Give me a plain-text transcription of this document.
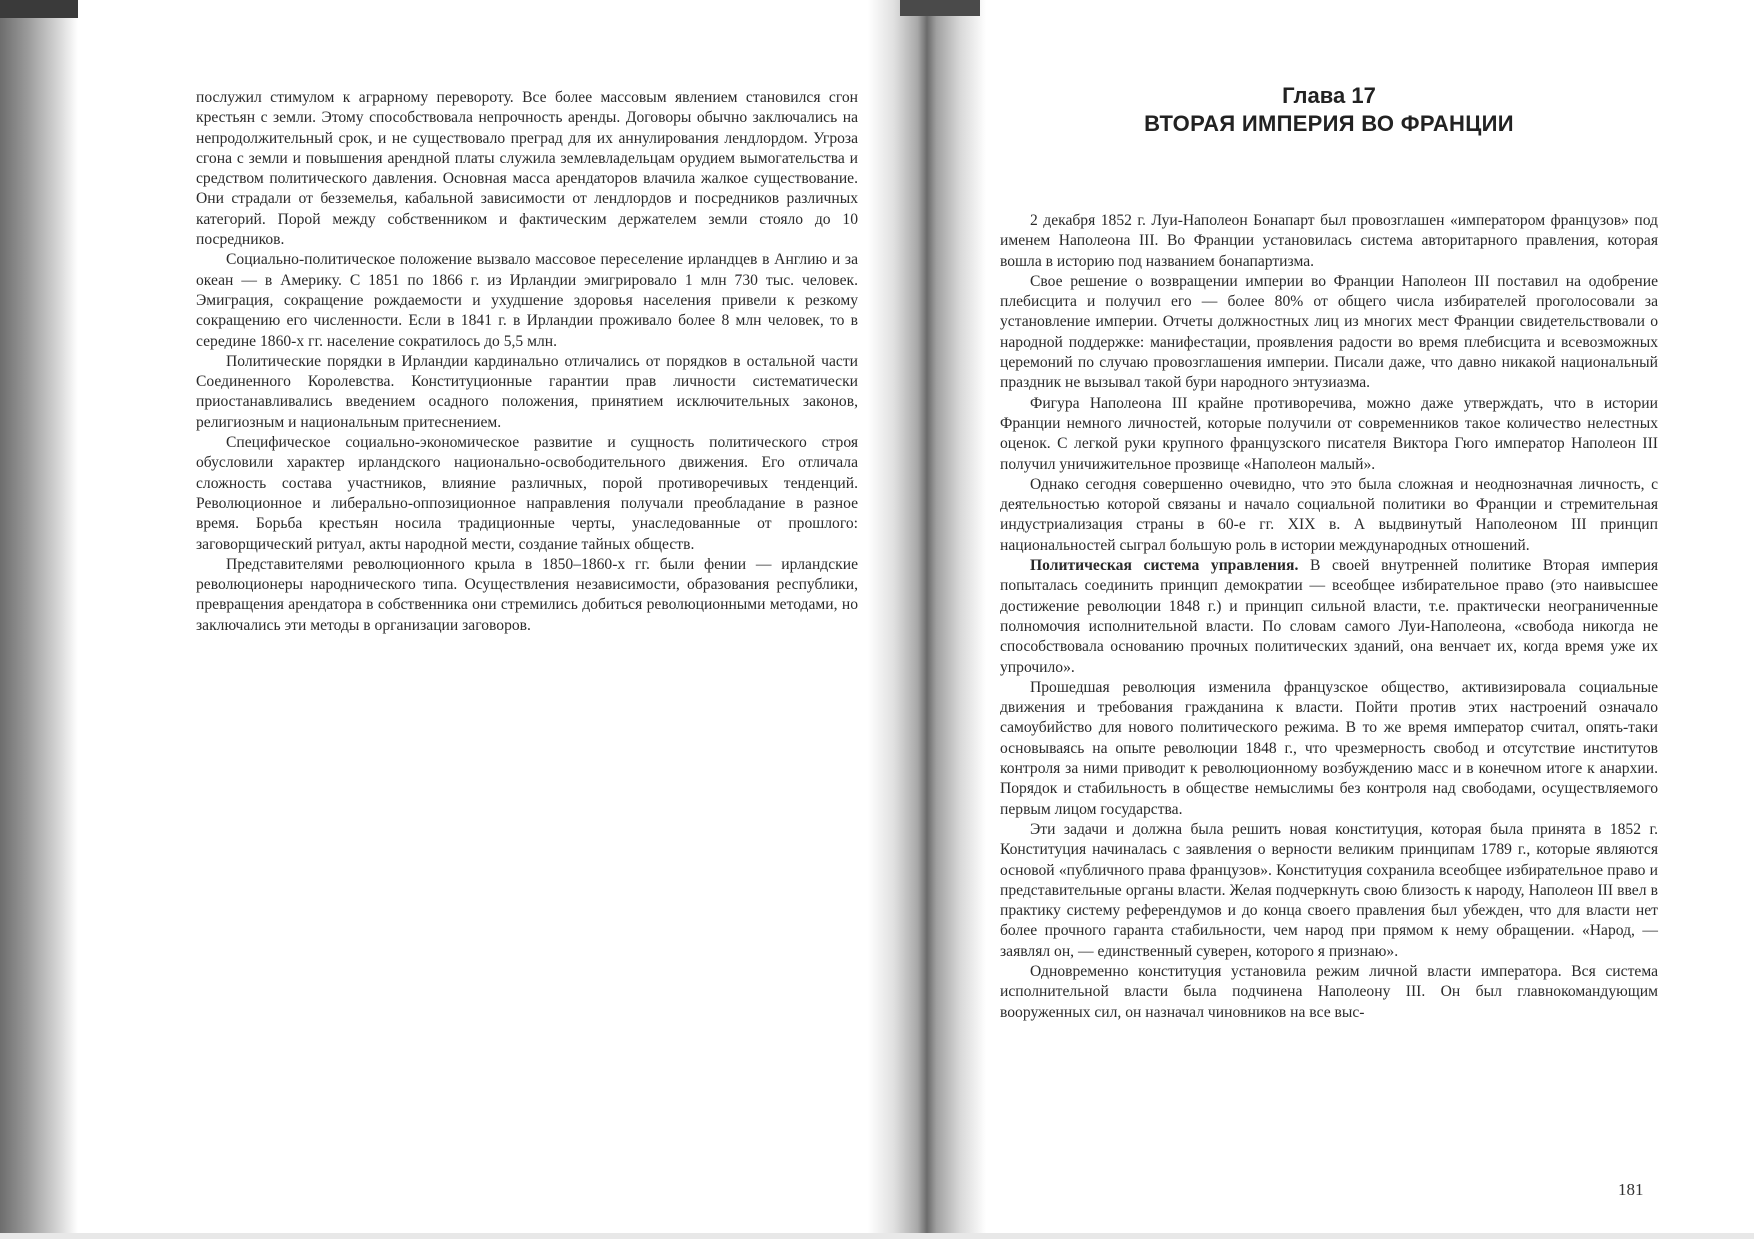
послужил стимулом к аграрному перевороту. Все более массовым явлением становился сгон крестьян с земли. Этому способствовала непрочность аренды. Договоры обычно заключались на непродолжительный срок, и не существовало преград для их аннулирования лендлордом. Угроза сгона с земли и повышения арендной платы служила землевладельцам орудием вымогательства и средством политического давления. Основная масса арендаторов влачила жалкое существование. Они страдали от безземелья, кабальной зависимости от лендлордов и посредников различных категорий. Порой между собственником и фактическим держателем земли стояло до 10 посредников.

Социально-политическое положение вызвало массовое переселение ирландцев в Англию и за океан — в Америку. С 1851 по 1866 г. из Ирландии эмигрировало 1 млн 730 тыс. человек. Эмиграция, сокращение рождаемости и ухудшение здоровья населения привели к резкому сокращению его численности. Если в 1841 г. в Ирландии проживало более 8 млн человек, то в середине 1860-х гг. население сократилось до 5,5 млн.

Политические порядки в Ирландии кардинально отличались от порядков в остальной части Соединенного Королевства. Конституционные гарантии прав личности систематически приостанавливались введением осадного положения, принятием исключительных законов, религиозным и национальным притеснением.

Специфическое социально-экономическое развитие и сущность политического строя обусловили характер ирландского национально-освободительного движения. Его отличала сложность состава участников, влияние различных, порой противоречивых тенденций. Революционное и либерально-оппозиционное направления получали преобладание в разное время. Борьба крестьян носила традиционные черты, унаследованные от прошлого: заговорщический ритуал, акты народной мести, создание тайных обществ.

Представителями революционного крыла в 1850–1860-х гг. были фении — ирландские революционеры народнического типа. Осуществления независимости, образования республики, превращения арендатора в собственника они стремились добиться революционными методами, но заключались эти методы в организации заговоров.

Глава 17
ВТОРАЯ ИМПЕРИЯ ВО ФРАНЦИИ

2 декабря 1852 г. Луи-Наполеон Бонапарт был провозглашен «императором французов» под именем Наполеона III. Во Франции установилась система авторитарного правления, которая вошла в историю под названием бонапартизма.

Свое решение о возвращении империи во Франции Наполеон III поставил на одобрение плебисцита и получил его — более 80% от общего числа избирателей проголосовали за установление империи. Отчеты должностных лиц из многих мест Франции свидетельствовали о народной поддержке: манифестации, проявления радости во время плебисцита и всевозможных церемоний по случаю провозглашения империи. Писали даже, что давно никакой национальный праздник не вызывал такой бури народного энтузиазма.

Фигура Наполеона III крайне противоречива, можно даже утверждать, что в истории Франции немного личностей, которые получили от современников такое количество нелестных оценок. С легкой руки крупного французского писателя Виктора Гюго император Наполеон III получил уничижительное прозвище «Наполеон малый».

Однако сегодня совершенно очевидно, что это была сложная и неоднозначная личность, с деятельностью которой связаны и начало социальной политики во Франции и стремительная индустриализация страны в 60-е гг. XIX в. А выдвинутый Наполеоном III принцип национальностей сыграл большую роль в истории международных отношений.

Политическая система управления. В своей внутренней политике Вторая империя попыталась соединить принцип демократии — всеобщее избирательное право (это наивысшее достижение революции 1848 г.) и принцип сильной власти, т.е. практически неограниченные полномочия исполнительной власти. По словам самого Луи-Наполеона, «свобода никогда не способствовала основанию прочных политических зданий, она венчает их, когда время уже их упрочило».

Прошедшая революция изменила французское общество, активизировала социальные движения и требования гражданина к власти. Пойти против этих настроений означало самоубийство для нового политического режима. В то же время император считал, опять-таки основываясь на опыте революции 1848 г., что чрезмерность свобод и отсутствие институтов контроля за ними приводит к революционному возбуждению масс и в конечном итоге к анархии. Порядок и стабильность в обществе немыслимы без контроля над свободами, осуществляемого первым лицом государства.

Эти задачи и должна была решить новая конституция, которая была принята в 1852 г. Конституция начиналась с заявления о верности великим принципам 1789 г., которые являются основой «публичного права французов». Конституция сохранила всеобщее избирательное право и представительные органы власти. Желая подчеркнуть свою близость к народу, Наполеон III ввел в практику систему референдумов и до конца своего правления был убежден, что для власти нет более прочного гаранта стабильности, чем народ при прямом к нему обращении. «Народ, — заявлял он, — единственный суверен, которого я признаю».

Одновременно конституция установила режим личной власти императора. Вся система исполнительной власти была подчинена Наполеону III. Он был главнокомандующим вооруженных сил, он назначал чиновников на все выс-

181
